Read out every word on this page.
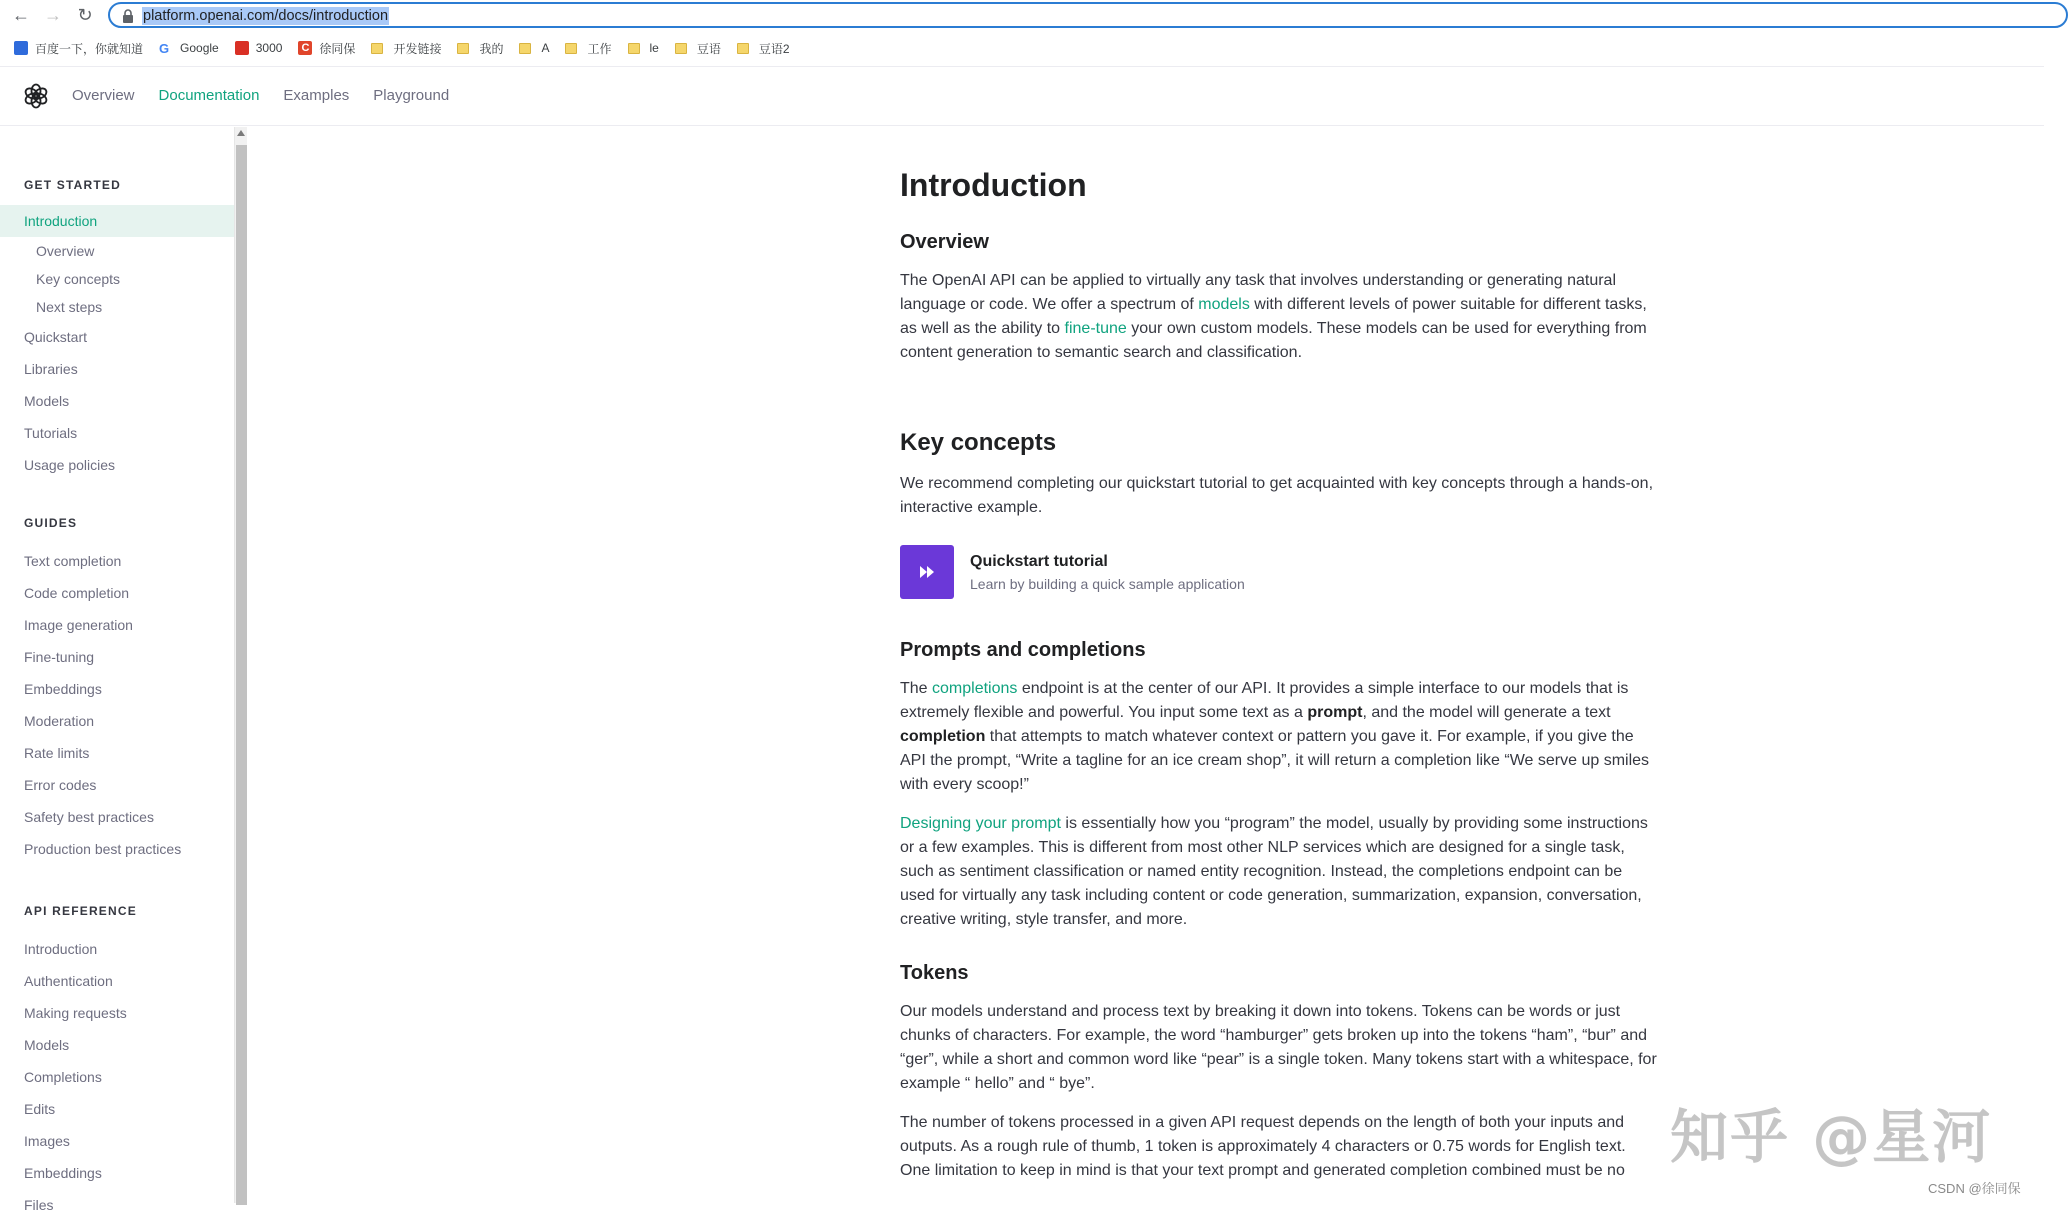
← → ↻	platform.openai.com/docs/introduction
百度一下，你就知道 G Google	3000 C 徐同保	开发链接	我的	A	工作	le	豆语	豆语2
Overview Documentation Examples Playground
GET STARTED
Introduction
Overview
Key concepts
Next steps
Quickstart
Libraries
Models
Tutorials
Usage policies
GUIDES
Text completion
Code completion
Image generation
Fine-tuning
Embeddings
Moderation
Rate limits
Error codes
Safety best practices
Production best practices
API REFERENCE
Introduction
Authentication
Making requests
Models
Completions
Edits
Images
Embeddings
Files
Introduction
Overview

The OpenAI API can be applied to virtually any task that involves understanding or generating natural language or code. We offer a spectrum of models with different levels of power suitable for different tasks, as well as the ability to fine-tune your own custom models. These models can be used for everything from content generation to semantic search and classification.

Key concepts

We recommend completing our quickstart tutorial to get acquainted with key concepts through a hands-on, interactive example.

Quickstart tutorial
Learn by building a quick sample application
Prompts and completions

The completions endpoint is at the center of our API. It provides a simple interface to our models that is extremely flexible and powerful. You input some text as a prompt, and the model will generate a text completion that attempts to match whatever context or pattern you gave it. For example, if you give the API the prompt, “Write a tagline for an ice cream shop”, it will return a completion like “We serve up smiles with every scoop!”

Designing your prompt is essentially how you “program” the model, usually by providing some instructions or a few examples. This is different from most other NLP services which are designed for a single task, such as sentiment classification or named entity recognition. Instead, the completions endpoint can be used for virtually any task including content or code generation, summarization, expansion, conversation, creative writing, style transfer, and more.

Tokens

Our models understand and process text by breaking it down into tokens. Tokens can be words or just chunks of characters. For example, the word “hamburger” gets broken up into the tokens “ham”, “bur” and “ger”, while a short and common word like “pear” is a single token. Many tokens start with a whitespace, for example “ hello” and “ bye”.

The number of tokens processed in a given API request depends on the length of both your inputs and outputs. As a rough rule of thumb, 1 token is approximately 4 characters or 0.75 words for English text. One limitation to keep in mind is that your text prompt and generated completion combined must be no 知乎 @星河
CSDN @徐同保
